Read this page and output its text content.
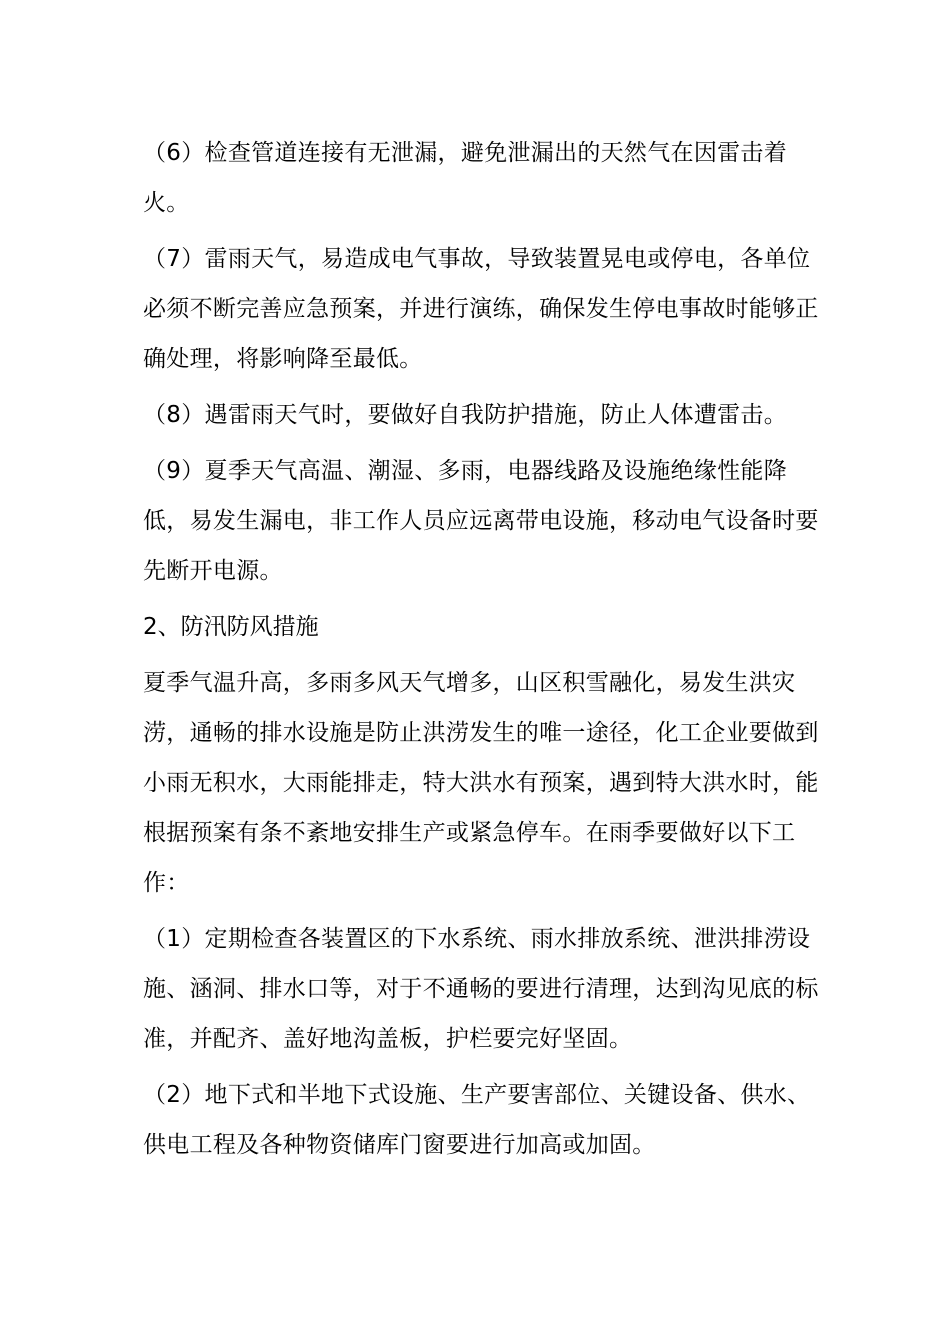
（6）检查管道连接有无泄漏，避免泄漏出的天然气在因雷击着火。

（7）雷雨天气，易造成电气事故，导致装置晃电或停电，各单位必须不断完善应急预案，并进行演练，确保发生停电事故时能够正确处理，将影响降至最低。

（8）遇雷雨天气时，要做好自我防护措施，防止人体遭雷击。

（9）夏季天气高温、潮湿、多雨，电器线路及设施绝缘性能降低，易发生漏电，非工作人员应远离带电设施，移动电气设备时要先断开电源。

2、防汛防风措施

夏季气温升高，多雨多风天气增多，山区积雪融化，易发生洪灾涝，通畅的排水设施是防止洪涝发生的唯一途径，化工企业要做到小雨无积水，大雨能排走，特大洪水有预案，遇到特大洪水时，能根据预案有条不紊地安排生产或紧急停车。在雨季要做好以下工作：

（1）定期检查各装置区的下水系统、雨水排放系统、泄洪排涝设施、涵洞、排水口等，对于不通畅的要进行清理，达到沟见底的标准，并配齐、盖好地沟盖板，护栏要完好坚固。

（2）地下式和半地下式设施、生产要害部位、关键设备、供水、供电工程及各种物资储库门窗要进行加高或加固。
